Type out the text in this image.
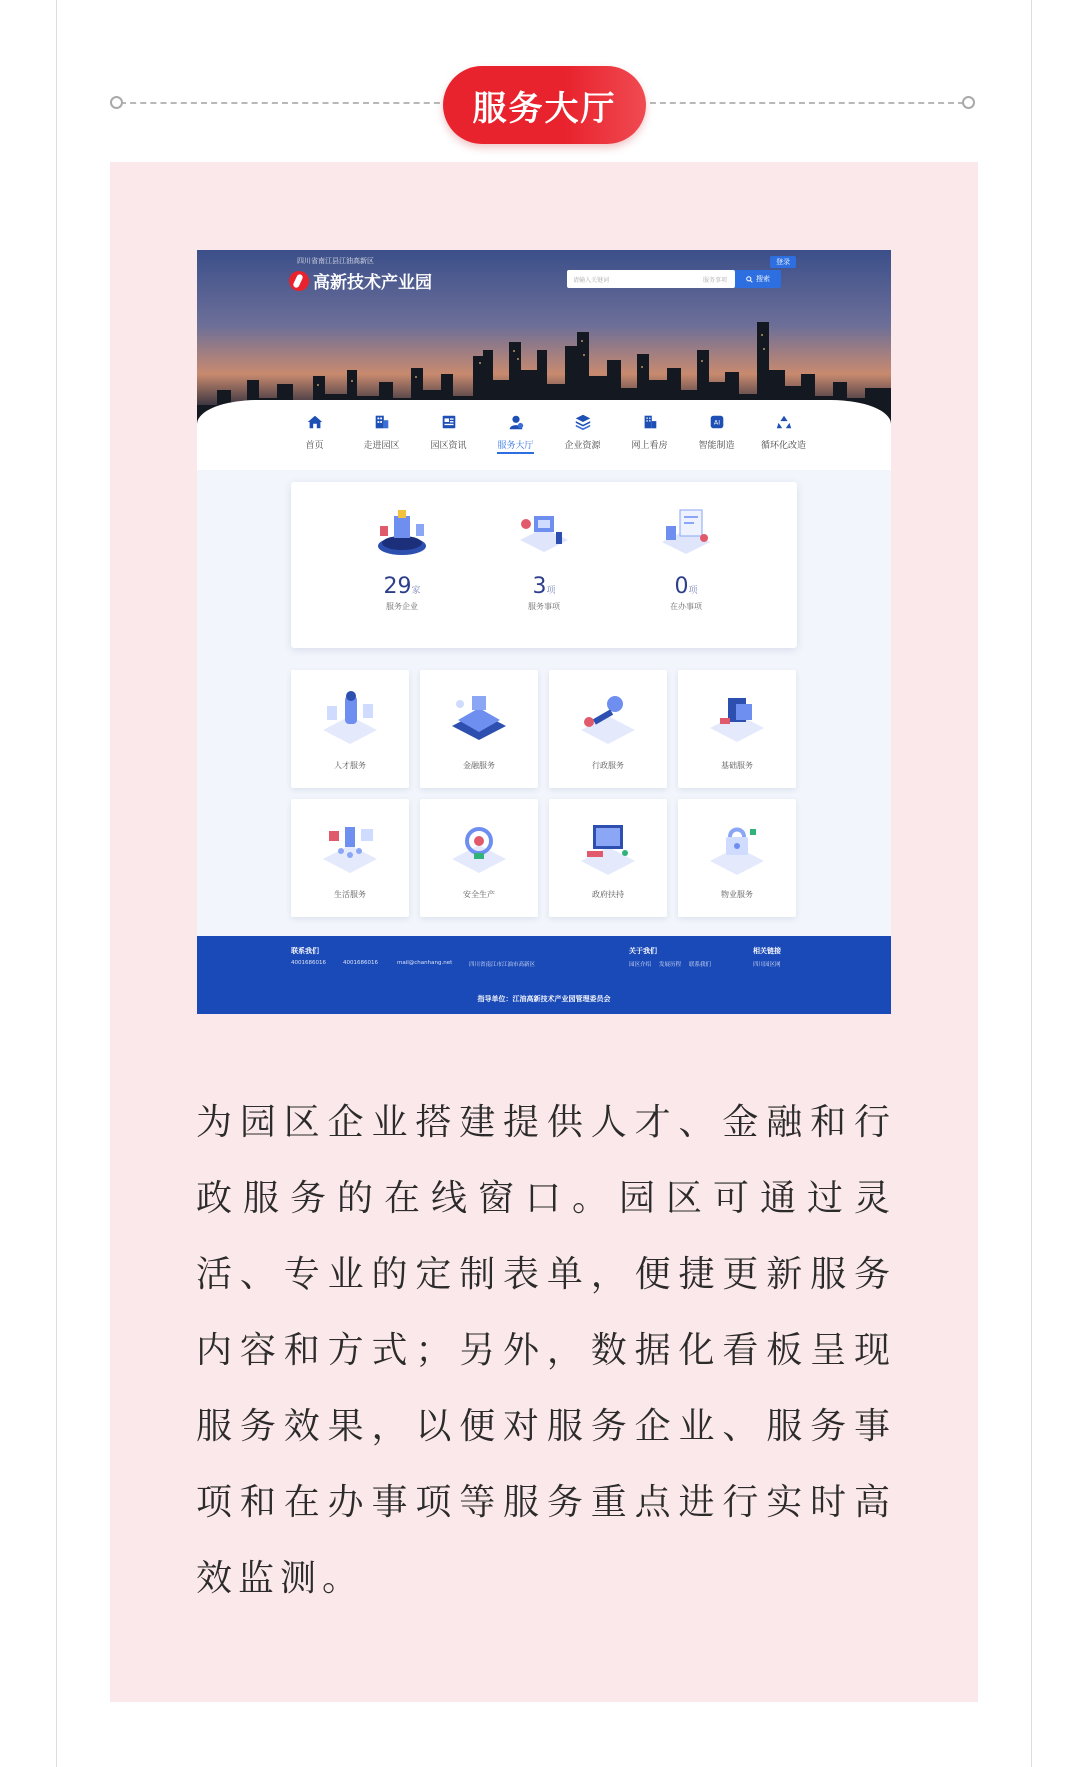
服务大厅
四川省南江县江油高新区
高新技术产业园
登录
请输入关键词	服务事项	搜索
首页	走进园区	园区资讯	服务大厅	企业资源	网上看房
AI
智能制造	循环化改造
29家
服务企业
3项
服务事项
0项
在办事项
人才服务	金融服务	行政服务	基础服务
生活服务	安全生产	政府扶持	物业服务
联系我们
4001686016	4001686016	mail@chanhang.net	四川省南江市江油市高新区
关于我们
园区介绍 发展历程 联系我们
相关链接
四川园区网
指导单位：江油高新技术产业园管理委员会

为园区企业搭建提供人才、金融和行政服务的在线窗口。园区可通过灵活、专业的定制表单，便捷更新服务内容和方式；另外，数据化看板呈现服务效果，以便对服务企业、服务事项和在办事项等服务重点进行实时高效监测。
